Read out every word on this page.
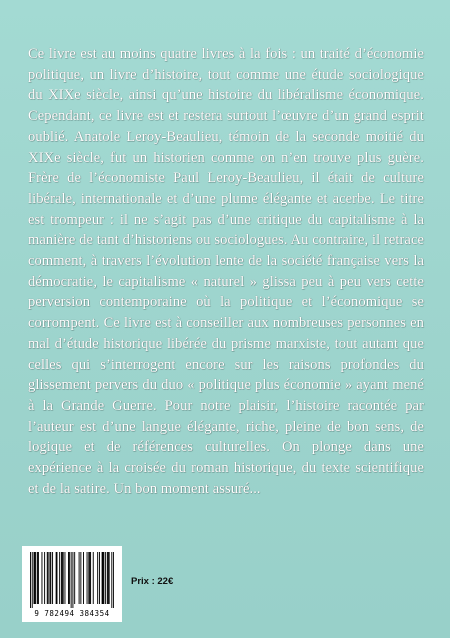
Ce livre est au moins quatre livres à la fois : un traité d’économie politique, un livre d’histoire, tout comme une étude sociologique du XIXe siècle, ainsi qu’une histoire du libéralisme économique. Cependant, ce livre est et restera surtout l’œuvre d’un grand esprit oublié. Anatole Leroy-Beaulieu, témoin de la seconde moitié du XIXe siècle, fut un historien comme on n’en trouve plus guère. Frère de l’économiste Paul Leroy-Beaulieu, il était de culture libérale, internationale et d’une plume élégante et acerbe. Le titre est trompeur : il ne s’agit pas d’une critique du capitalisme à la manière de tant d’historiens ou sociologues. Au contraire, il retrace comment, à travers l’évolution lente de la société française vers la démocratie, le capitalisme « naturel » glissa peu à peu vers cette perversion contemporaine où la politique et l’économique se corrompent. Ce livre est à conseiller aux nombreuses personnes en mal d’étude historique libérée du prisme marxiste, tout autant que celles qui s’interrogent encore sur les raisons profondes du glissement pervers du duo « politique plus économie » ayant mené à la Grande Guerre. Pour notre plaisir, l’histoire racontée par l’auteur est d’une langue élégante, riche, pleine de bon sens, de logique et de références culturelles. On plonge dans une expérience à la croisée du roman historique, du texte scientifique et de la satire. Un bon moment assuré...

9 782494 384354
Prix : 22€
